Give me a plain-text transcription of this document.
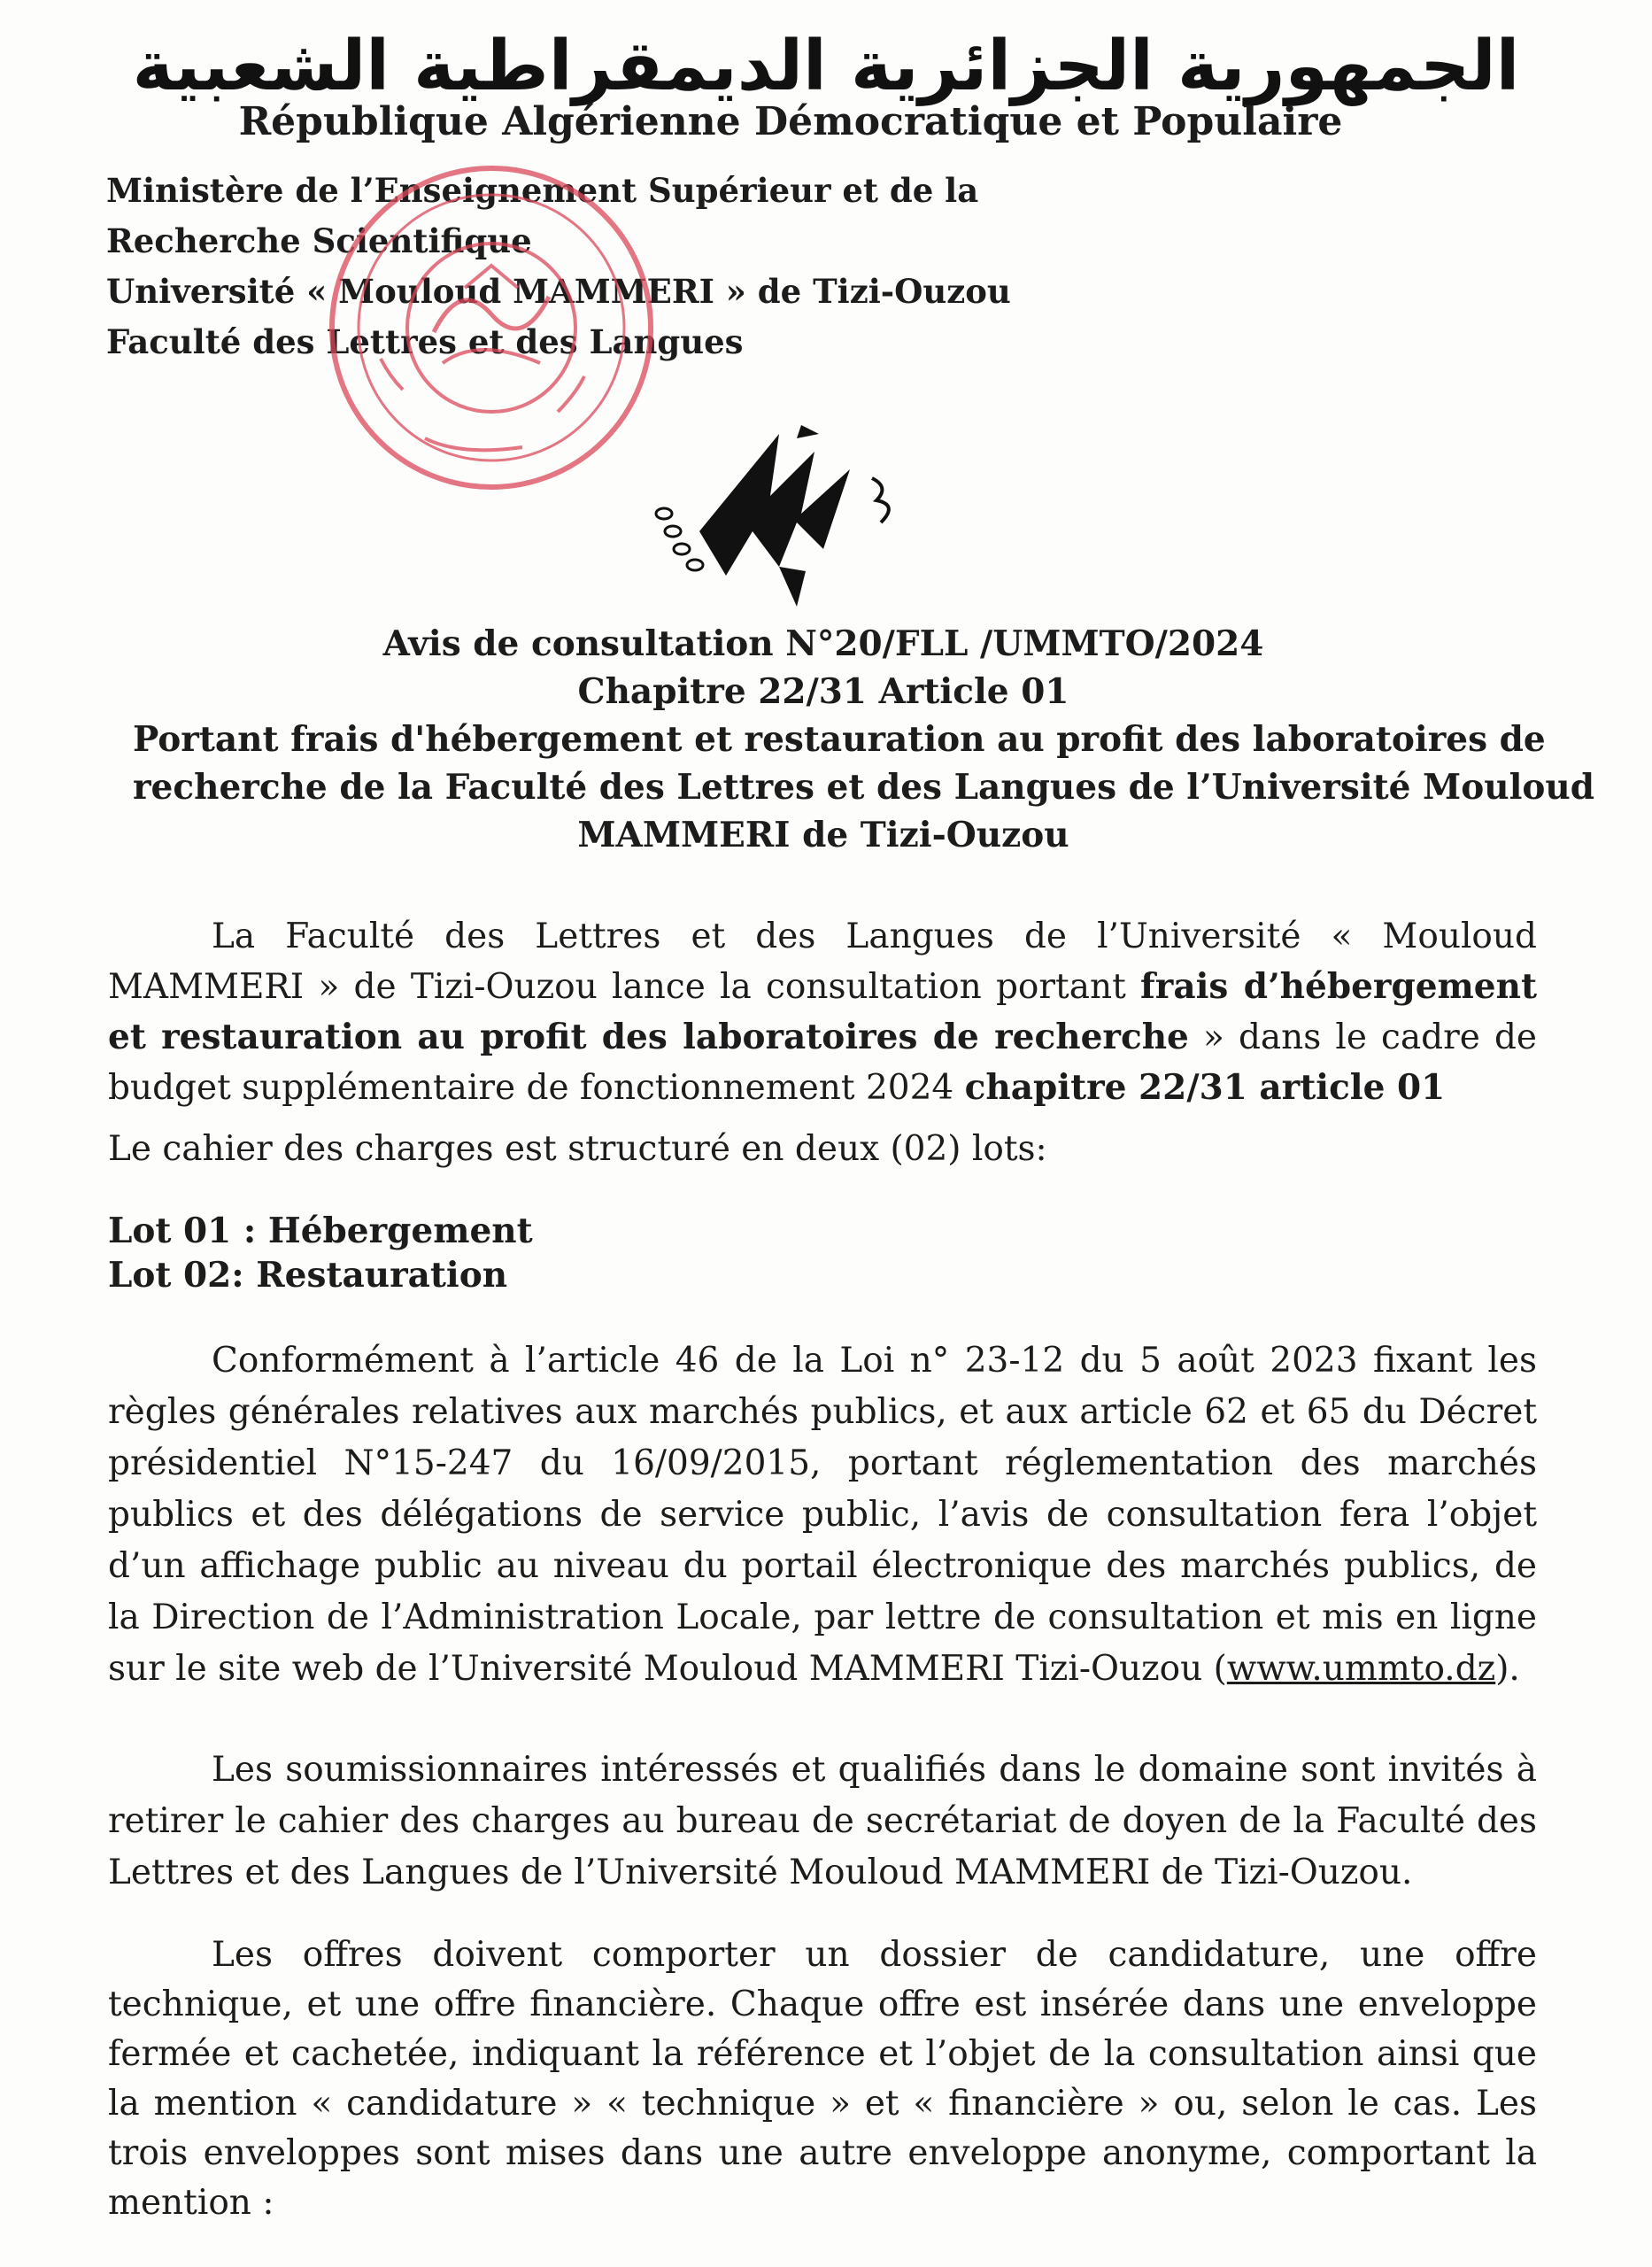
الجمهورية الجزائرية الديمقراطية الشعبية
République Algérienne Démocratique et Populaire
Ministère de l’Enseignement Supérieur et de la
Recherche Scientifique
Université « Mouloud MAMMERI » de Tizi-Ouzou
Faculté des Lettres et des Langues
Avis de consultation N°20/FLL /UMMTO/2024
Chapitre 22/31 Article 01
Portant frais d'hébergement et restauration au profit des laboratoires de
recherche de la Faculté des Lettres et des Langues de l’Université Mouloud
MAMMERI de Tizi-Ouzou
La Faculté des Lettres et des Langues de l’Université « Mouloud MAMMERI » de Tizi-Ouzou lance la consultation portant frais d’hébergement et restauration au profit des laboratoires de recherche » dans le cadre de budget supplémentaire de fonctionnement 2024 chapitre 22/31 article 01
Le cahier des charges est structuré en deux (02) lots:
Lot 01 : Hébergement
Lot 02: Restauration
Conformément à l’article 46 de la Loi n° 23-12 du 5 août 2023 fixant les règles générales relatives aux marchés publics, et aux article 62 et 65 du Décret présidentiel N°15-247 du 16/09/2015, portant réglementation des marchés publics et des délégations de service public, l’avis de consultation fera l’objet d’un affichage public au niveau du portail électronique des marchés publics, de la Direction de l’Administration Locale, par lettre de consultation et mis en ligne sur le site web de l’Université Mouloud MAMMERI Tizi-Ouzou (www.ummto.dz).
Les soumissionnaires intéressés et qualifiés dans le domaine sont invités à retirer le cahier des charges au bureau de secrétariat de doyen de la Faculté des Lettres et des Langues de l’Université Mouloud MAMMERI de Tizi-Ouzou.
Les offres doivent comporter un dossier de candidature, une offre technique, et une offre financière. Chaque offre est insérée dans une enveloppe fermée et cachetée, indiquant la référence et l’objet de la consultation ainsi que la mention « candidature » « technique » et « financière » ou, selon le cas. Les trois enveloppes sont mises dans une autre enveloppe anonyme, comportant la mention :
